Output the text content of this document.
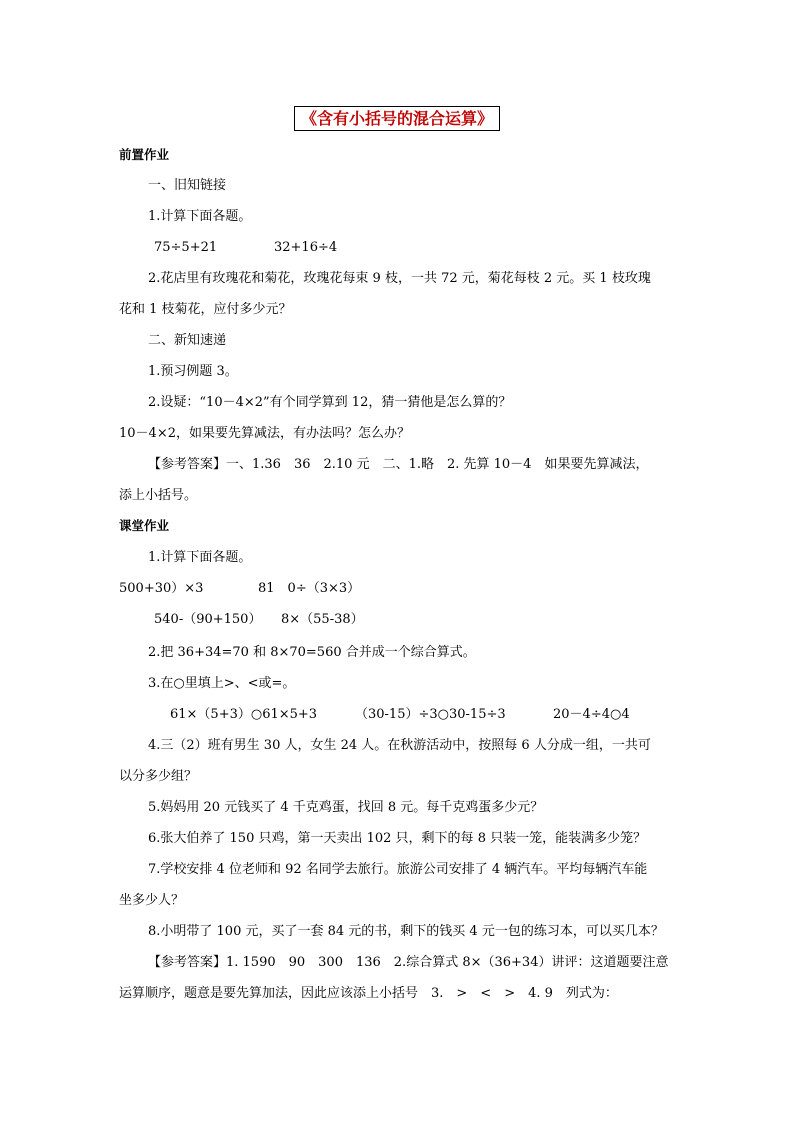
《含有小括号的混合运算》
前置作业
一、旧知链接
1.计算下面各题。
75÷5+21	32+16÷4
2.花店里有玫瑰花和菊花，玫瑰花每束 9 枝，一共 72 元，菊花每枝 2 元。买 1 枝玫瑰
花和 1 枝菊花，应付多少元？
二、新知速递
1.预习例题 3。
2.设疑：“10－4×2”有个同学算到 12，猜一猜他是怎么算的？
10－4×2，如果要先算减法，有办法吗？怎么办？
【参考答案】一、1.36　36　2.10 元　二、1.略　2. 先算 10－4　如果要先算减法，
添上小括号。
课堂作业
1.计算下面各题。
500+30）×3	81　0÷（3×3）
540-（90+150） 8×（55-38）
2.把 36+34=70 和 8×70=560 合并成一个综合算式。
3.在○里填上>、<或=。
61×（5+3）○61×5+3	（30-15）÷3○30-15÷3	20－4÷4○4
4.三（2）班有男生 30 人，女生 24 人。在秋游活动中，按照每 6 人分成一组，一共可
以分多少组？
5.妈妈用 20 元钱买了 4 千克鸡蛋，找回 8 元。每千克鸡蛋多少元？
6.张大伯养了 150 只鸡，第一天卖出 102 只，剩下的每 8 只装一笼，能装满多少笼？
7.学校安排 4 位老师和 92 名同学去旅行。旅游公司安排了 4 辆汽车。平均每辆汽车能
坐多少人？
8.小明带了 100 元，买了一套 84 元的书，剩下的钱买 4 元一包的练习本，可以买几本？
【参考答案】1. 1590　90　300　136　2.综合算式 8×（36+34）讲评：这道题要注意
运算顺序，题意是要先算加法，因此应该添上小括号　3.　>　<　>　4. 9　列式为：
